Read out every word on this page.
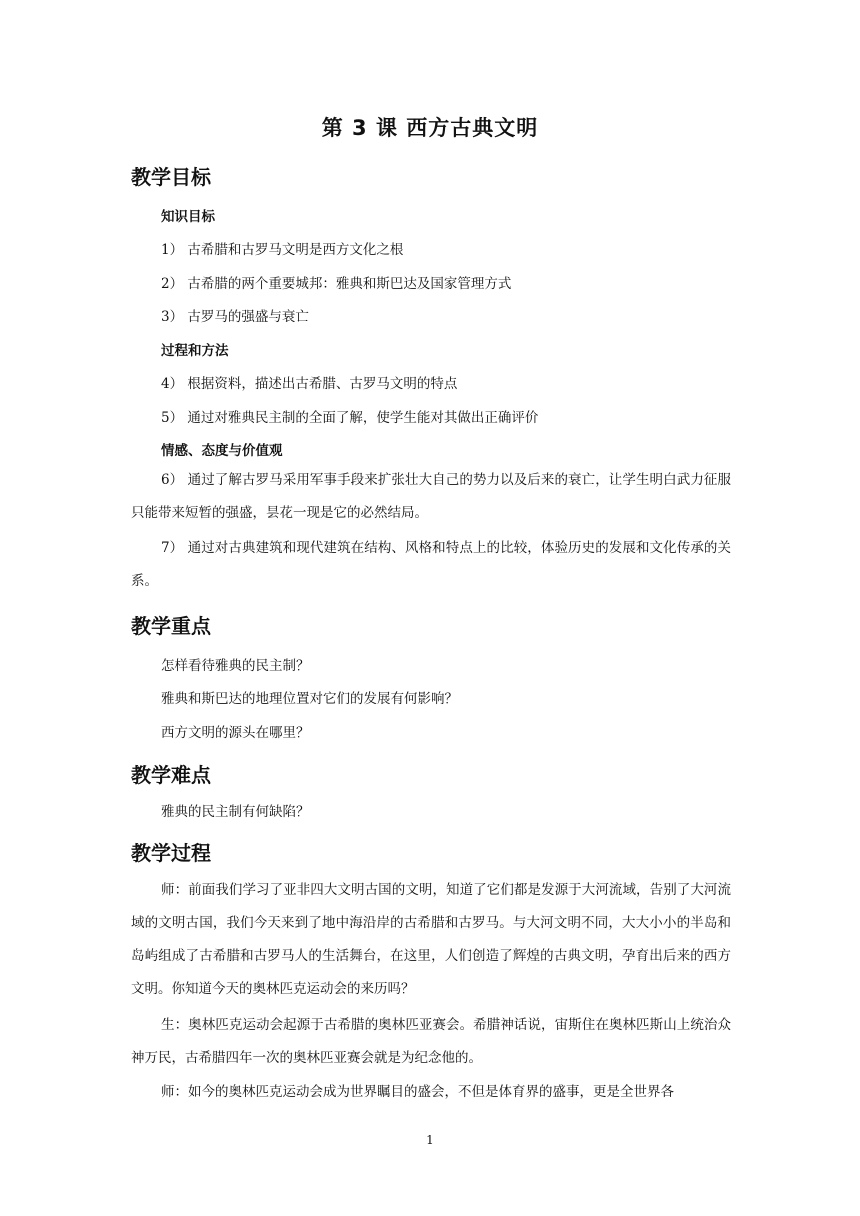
第 3 课 西方古典文明
教学目标
知识目标
1） 古希腊和古罗马文明是西方文化之根
2） 古希腊的两个重要城邦：雅典和斯巴达及国家管理方式
3） 古罗马的强盛与衰亡
过程和方法
4） 根据资料，描述出古希腊、古罗马文明的特点
5） 通过对雅典民主制的全面了解，使学生能对其做出正确评价
情感、态度与价值观
6） 通过了解古罗马采用军事手段来扩张壮大自己的势力以及后来的衰亡，让学生明白武力征服只能带来短暂的强盛，昙花一现是它的必然结局。
7） 通过对古典建筑和现代建筑在结构、风格和特点上的比较，体验历史的发展和文化传承的关系。
教学重点
怎样看待雅典的民主制？
雅典和斯巴达的地理位置对它们的发展有何影响？
西方文明的源头在哪里？
教学难点
雅典的民主制有何缺陷？
教学过程
师：前面我们学习了亚非四大文明古国的文明，知道了它们都是发源于大河流域，告别了大河流域的文明古国，我们今天来到了地中海沿岸的古希腊和古罗马。与大河文明不同，大大小小的半岛和岛屿组成了古希腊和古罗马人的生活舞台，在这里，人们创造了辉煌的古典文明，孕育出后来的西方文明。你知道今天的奥林匹克运动会的来历吗？
生：奥林匹克运动会起源于古希腊的奥林匹亚赛会。希腊神话说，宙斯住在奥林匹斯山上统治众神万民，古希腊四年一次的奥林匹亚赛会就是为纪念他的。
师：如今的奥林匹克运动会成为世界瞩目的盛会，不但是体育界的盛事，更是全世界各
1
